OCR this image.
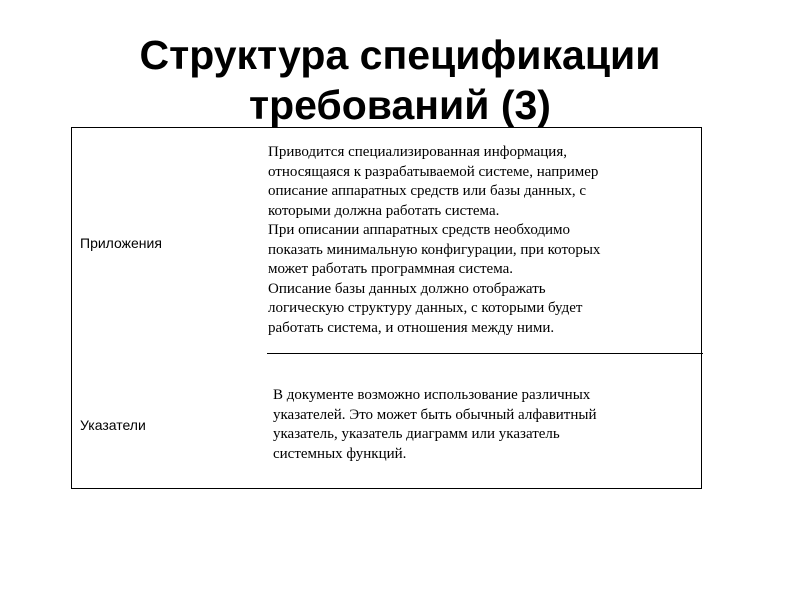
Структура спецификации
требований (3)
Приложения
Приводится специализированная информация,
относящаяся к разрабатываемой системе, например
описание аппаратных средств или базы данных, с
которыми должна работать система.
При описании аппаратных средств необходимо
показать минимальную конфигурации, при которых
может работать программная система.
Описание базы данных должно отображать
логическую структуру данных, с которыми будет
работать система, и отношения между ними.
Указатели
В документе возможно использование различных
указателей. Это может быть обычный алфавитный
указатель, указатель диаграмм или указатель
системных функций.
